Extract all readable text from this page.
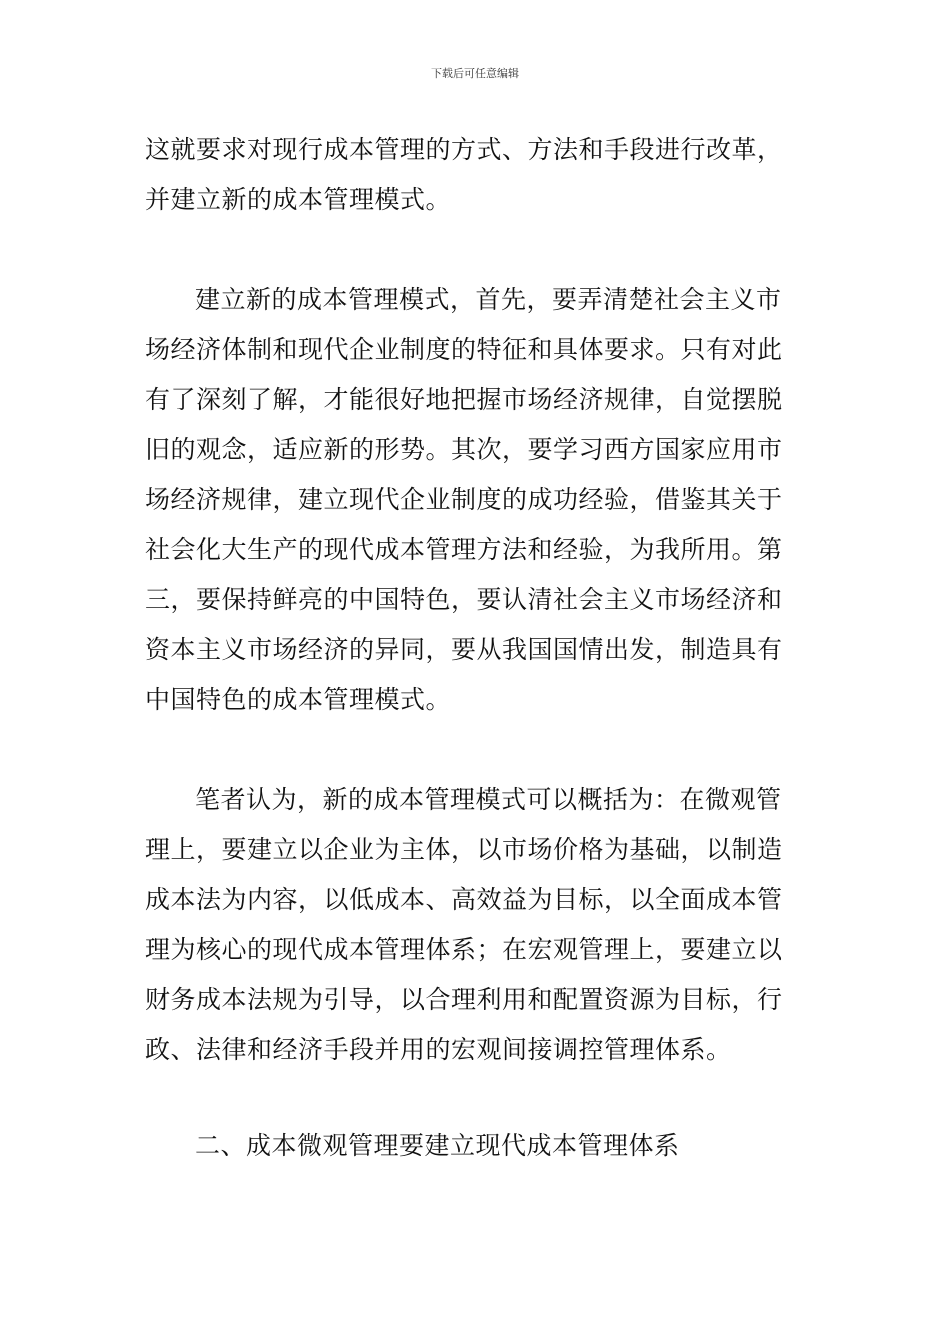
下载后可任意编辑
这就要求对现行成本管理的方式、方法和手段进行改革，
并建立新的成本管理模式。
建立新的成本管理模式，首先，要弄清楚社会主义市
场经济体制和现代企业制度的特征和具体要求。只有对此
有了深刻了解，才能很好地把握市场经济规律，自觉摆脱
旧的观念，适应新的形势。其次，要学习西方国家应用市
场经济规律，建立现代企业制度的成功经验，借鉴其关于
社会化大生产的现代成本管理方法和经验，为我所用。第
三，要保持鲜亮的中国特色，要认清社会主义市场经济和
资本主义市场经济的异同，要从我国国情出发，制造具有
中国特色的成本管理模式。
笔者认为，新的成本管理模式可以概括为：在微观管
理上，要建立以企业为主体，以市场价格为基础，以制造
成本法为内容，以低成本、高效益为目标，以全面成本管
理为核心的现代成本管理体系；在宏观管理上，要建立以
财务成本法规为引导，以合理利用和配置资源为目标，行
政、法律和经济手段并用的宏观间接调控管理体系。
二、成本微观管理要建立现代成本管理体系
